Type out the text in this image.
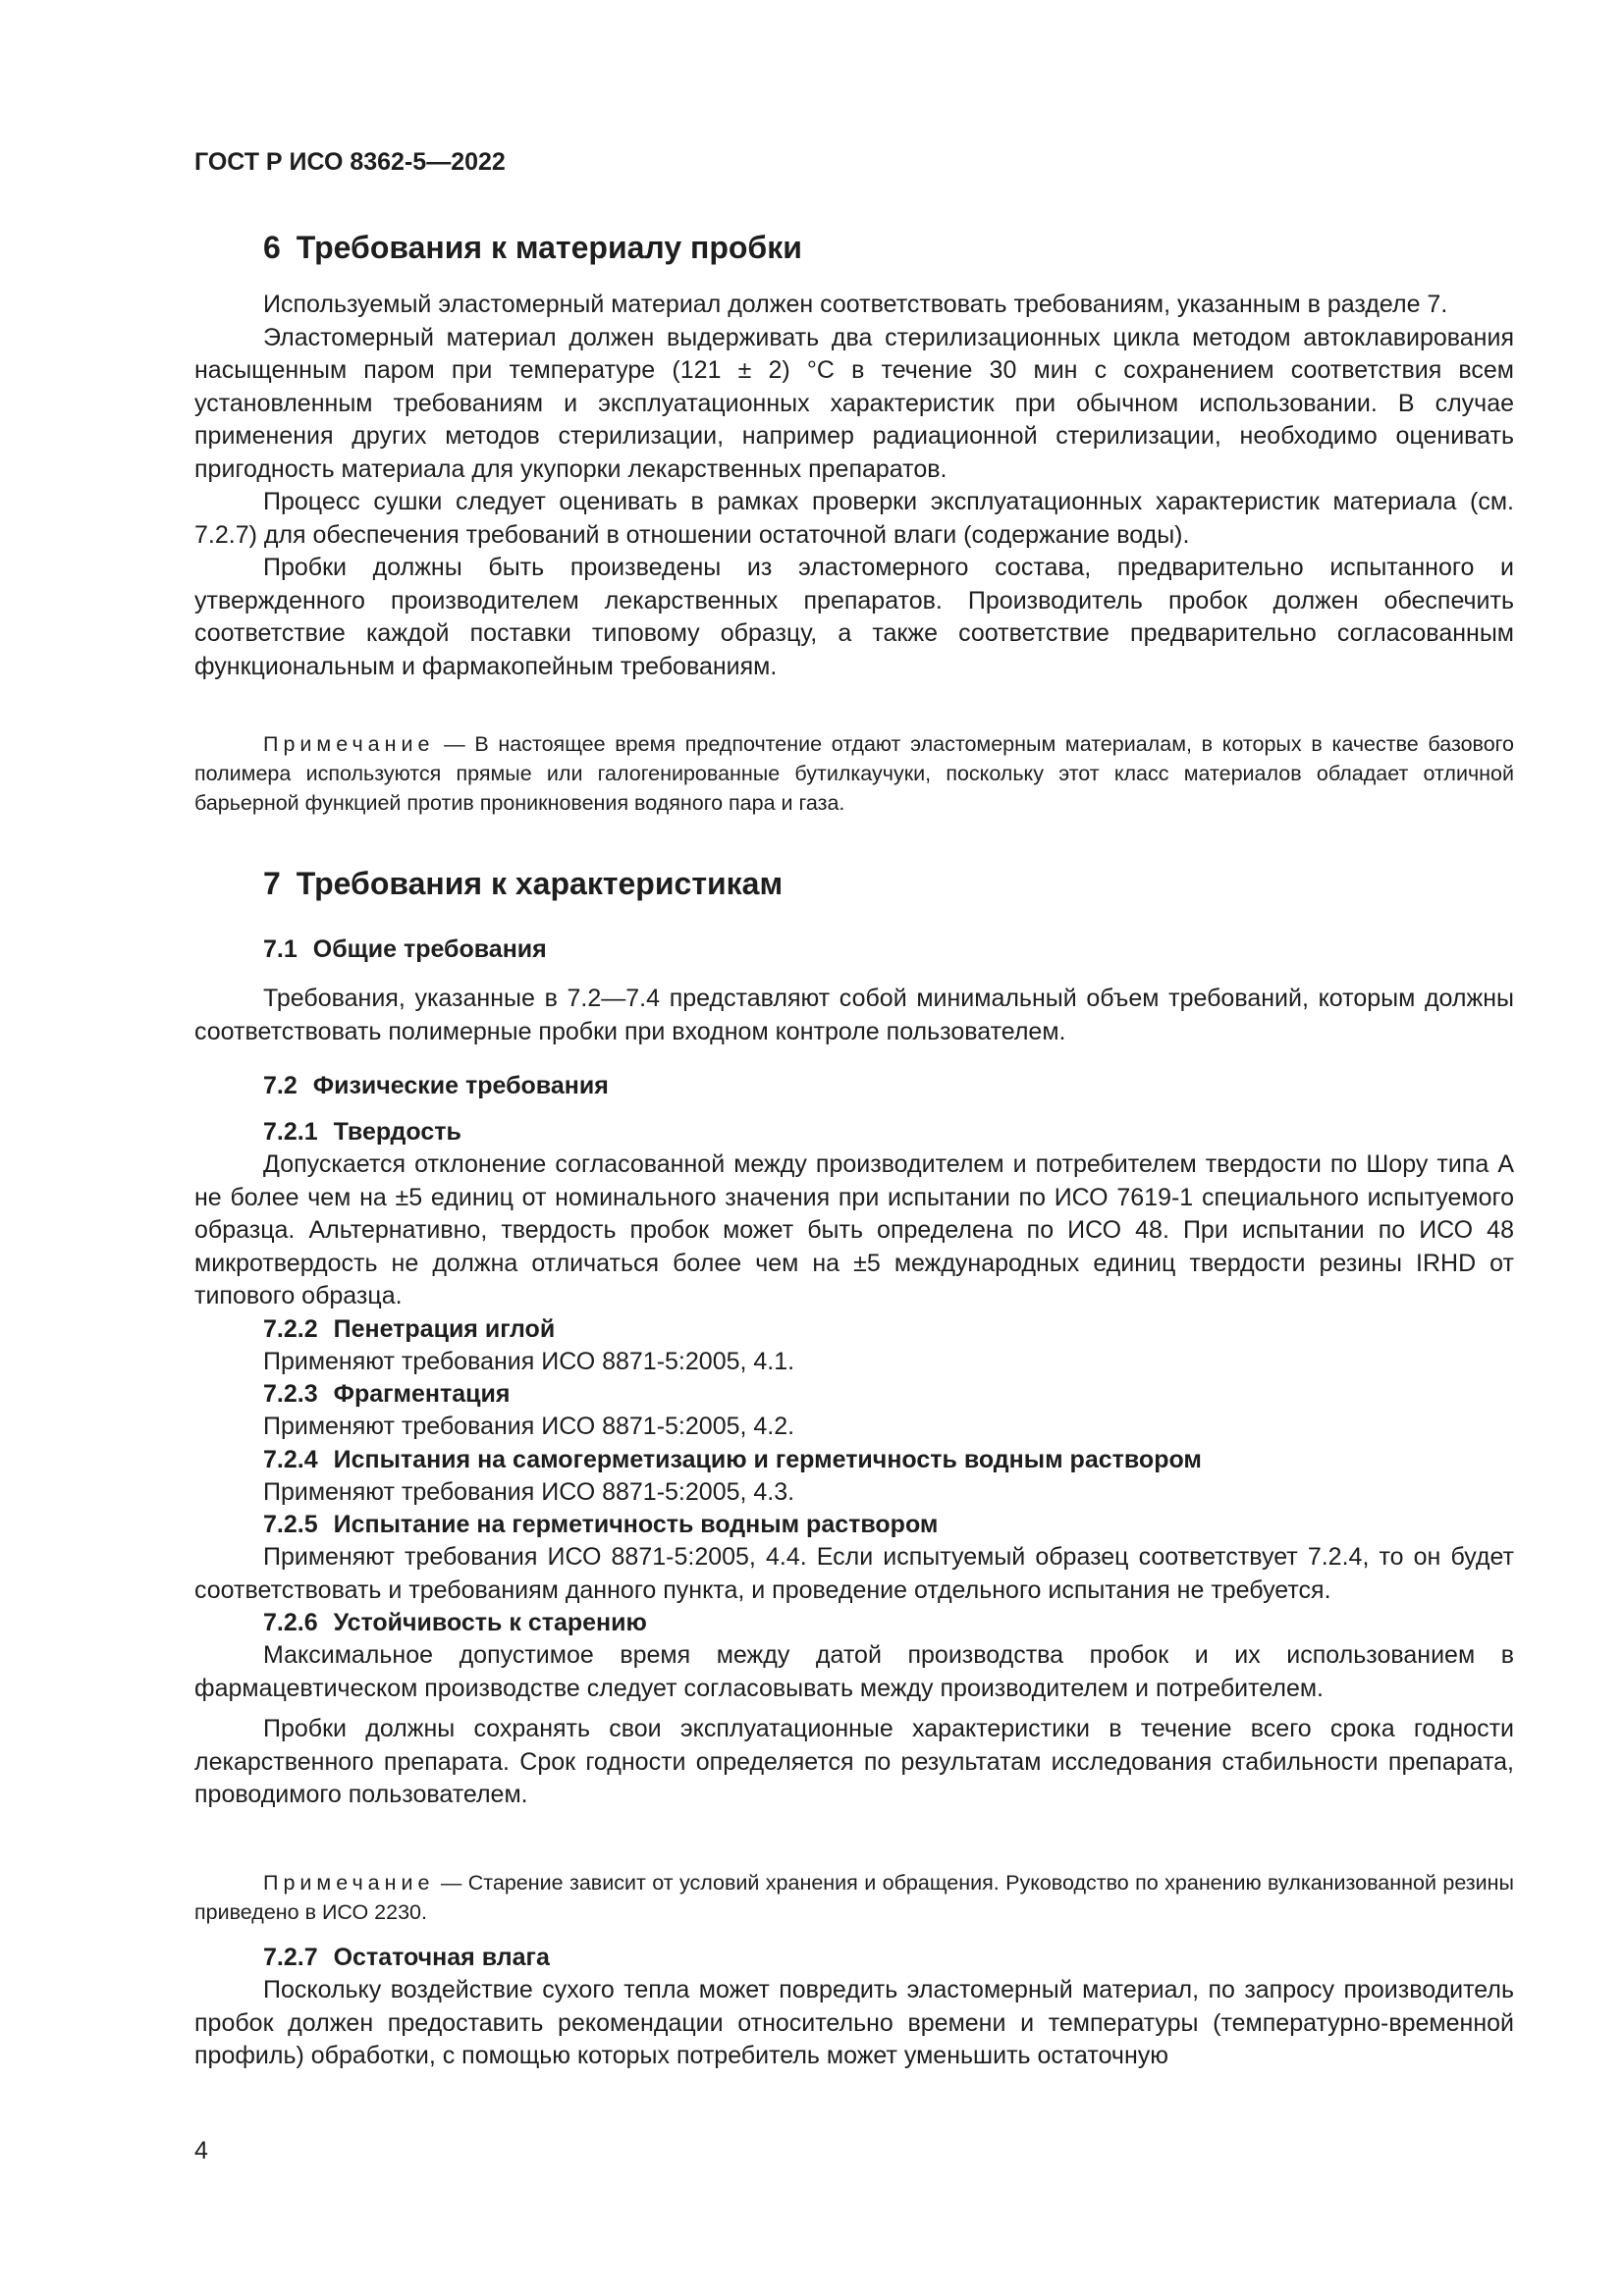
ГОСТ Р ИСО 8362-5—2022
6 Требования к материалу пробки

Используемый эластомерный материал должен соответствовать требованиям, указанным в разделе 7.

Эластомерный материал должен выдерживать два стерилизационных цикла методом автоклавирования насыщенным паром при температуре (121 ± 2) °С в течение 30 мин с сохранением соответствия всем установленным требованиям и эксплуатационных характеристик при обычном использовании. В случае применения других методов стерилизации, например радиационной стерилизации, необходимо оценивать пригодность материала для укупорки лекарственных препаратов.

Процесс сушки следует оценивать в рамках проверки эксплуатационных характеристик материала (см. 7.2.7) для обеспечения требований в отношении остаточной влаги (содержание воды).

Пробки должны быть произведены из эластомерного состава, предварительно испытанного и утвержденного производителем лекарственных препаратов. Производитель пробок должен обеспечить соответствие каждой поставки типовому образцу, а также соответствие предварительно согласованным функциональным и фармакопейным требованиям.

Примечание — В настоящее время предпочтение отдают эластомерным материалам, в которых в качестве базового полимера используются прямые или галогенированные бутилкаучуки, поскольку этот класс материалов обладает отличной барьерной функцией против проникновения водяного пара и газа.
7 Требования к характеристикам
7.1 Общие требования

Требования, указанные в 7.2—7.4 представляют собой минимальный объем требований, которым должны соответствовать полимерные пробки при входном контроле пользователем.

7.2 Физические требования
7.2.1 Твердость

Допускается отклонение согласованной между производителем и потребителем твердости по Шору типа А не более чем на ±5 единиц от номинального значения при испытании по ИСО 7619-1 специального испытуемого образца. Альтернативно, твердость пробок может быть определена по ИСО 48. При испытании по ИСО 48 микротвердость не должна отличаться более чем на ±5 международных единиц твердости резины IRHD от типового образца.

7.2.2 Пенетрация иглой

Применяют требования ИСО 8871-5:2005, 4.1.

7.2.3 Фрагментация

Применяют требования ИСО 8871-5:2005, 4.2.

7.2.4 Испытания на самогерметизацию и герметичность водным раствором

Применяют требования ИСО 8871-5:2005, 4.3.

7.2.5 Испытание на герметичность водным раствором

Применяют требования ИСО 8871-5:2005, 4.4. Если испытуемый образец соответствует 7.2.4, то он будет соответствовать и требованиям данного пункта, и проведение отдельного испытания не требуется.

7.2.6 Устойчивость к старению

Максимальное допустимое время между датой производства пробок и их использованием в фармацевтическом производстве следует согласовывать между производителем и потребителем.

Пробки должны сохранять свои эксплуатационные характеристики в течение всего срока годности лекарственного препарата. Срок годности определяется по результатам исследования стабильности препарата, проводимого пользователем.

Примечание — Старение зависит от условий хранения и обращения. Руководство по хранению вулканизованной резины приведено в ИСО 2230.
7.2.7 Остаточная влага

Поскольку воздействие сухого тепла может повредить эластомерный материал, по запросу производитель пробок должен предоставить рекомендации относительно времени и температуры (температурно-временной профиль) обработки, с помощью которых потребитель может уменьшить остаточную

4
